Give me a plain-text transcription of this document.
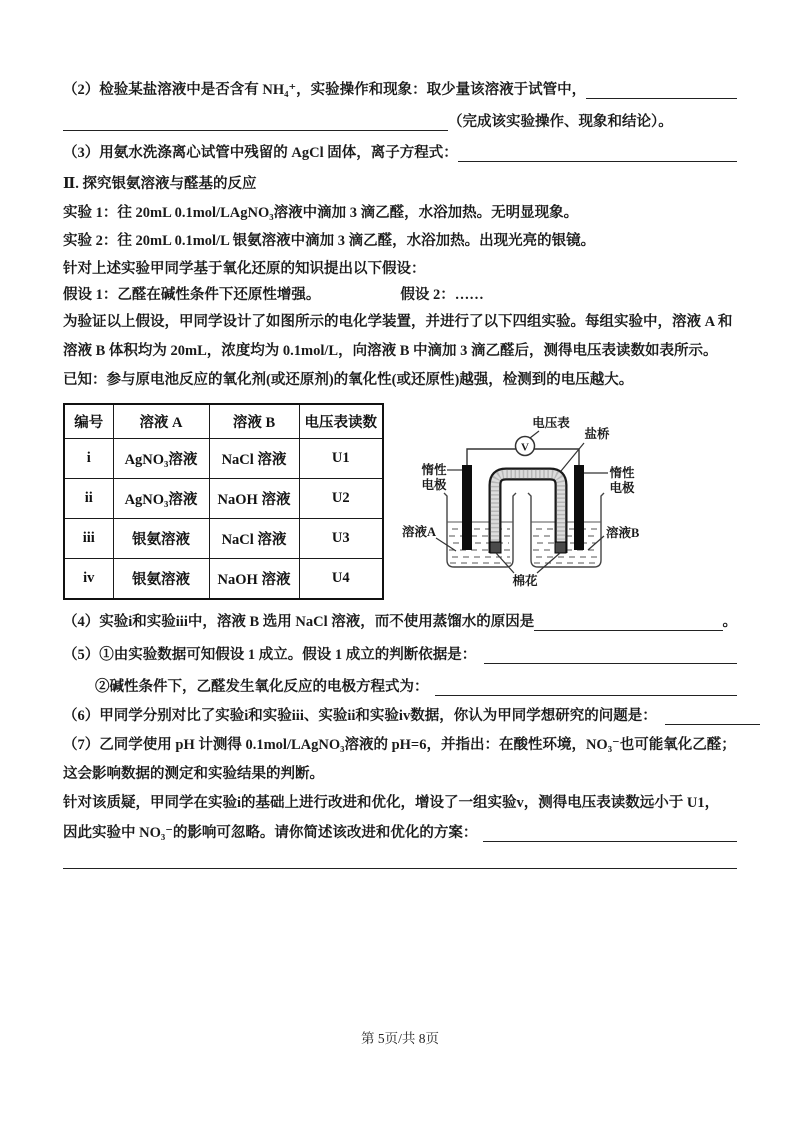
（2）检验某盐溶液中是否含有 NH₄⁺，实验操作和现象：取少量该溶液于试管中，
（完成该实验操作、现象和结论）。
（3）用氨水洗涤离心试管中残留的 AgCl 固体，离子方程式：
Ⅱ. 探究银氨溶液与醛基的反应
实验 1：往 20mL 0.1mol/LAgNO₃溶液中滴加 3 滴乙醛，水浴加热。无明显现象。
实验 2：往 20mL 0.1mol/L 银氨溶液中滴加 3 滴乙醛，水浴加热。出现光亮的银镜。
针对上述实验甲同学基于氧化还原的知识提出以下假设：
假设 1：乙醛在碱性条件下还原性增强。	假设 2：……
为验证以上假设，甲同学设计了如图所示的电化学装置，并进行了以下四组实验。每组实验中，溶液 A 和
溶液 B 体积均为 20mL，浓度均为 0.1mol/L，向溶液 B 中滴加 3 滴乙醛后，测得电压表读数如表所示。
已知：参与原电池反应的氧化剂(或还原剂)的氧化性(或还原性)越强，检测到的电压越大。
编号	溶液 A	溶液 B	电压表读数
i	AgNO₃溶液	NaCl 溶液	U1
ii	AgNO₃溶液	NaOH 溶液	U2
iii	银氨溶液	NaCl 溶液	U3
iv	银氨溶液	NaOH 溶液	U4
V
电压表
盐桥
棉花
惰性
电极
惰性
电极
溶液A	溶液B
（4）实验i和实验iii中，溶液 B 选用 NaCl 溶液，而不使用蒸馏水的原因是	。
（5）①由实验数据可知假设 1 成立。假设 1 成立的判断依据是：
②碱性条件下，乙醛发生氧化反应的电极方程式为：
（6）甲同学分别对比了实验i和实验iii、实验ii和实验iv数据，你认为甲同学想研究的问题是：
（7）乙同学使用 pH 计测得 0.1mol/LAgNO₃溶液的 pH=6，并指出：在酸性环境，NO₃⁻也可能氧化乙醛；
这会影响数据的测定和实验结果的判断。
针对该质疑，甲同学在实验i的基础上进行改进和优化，增设了一组实验v，测得电压表读数远小于 U1，
因此实验中 NO₃⁻的影响可忽略。请你简述该改进和优化的方案：
第 5页/共 8页
